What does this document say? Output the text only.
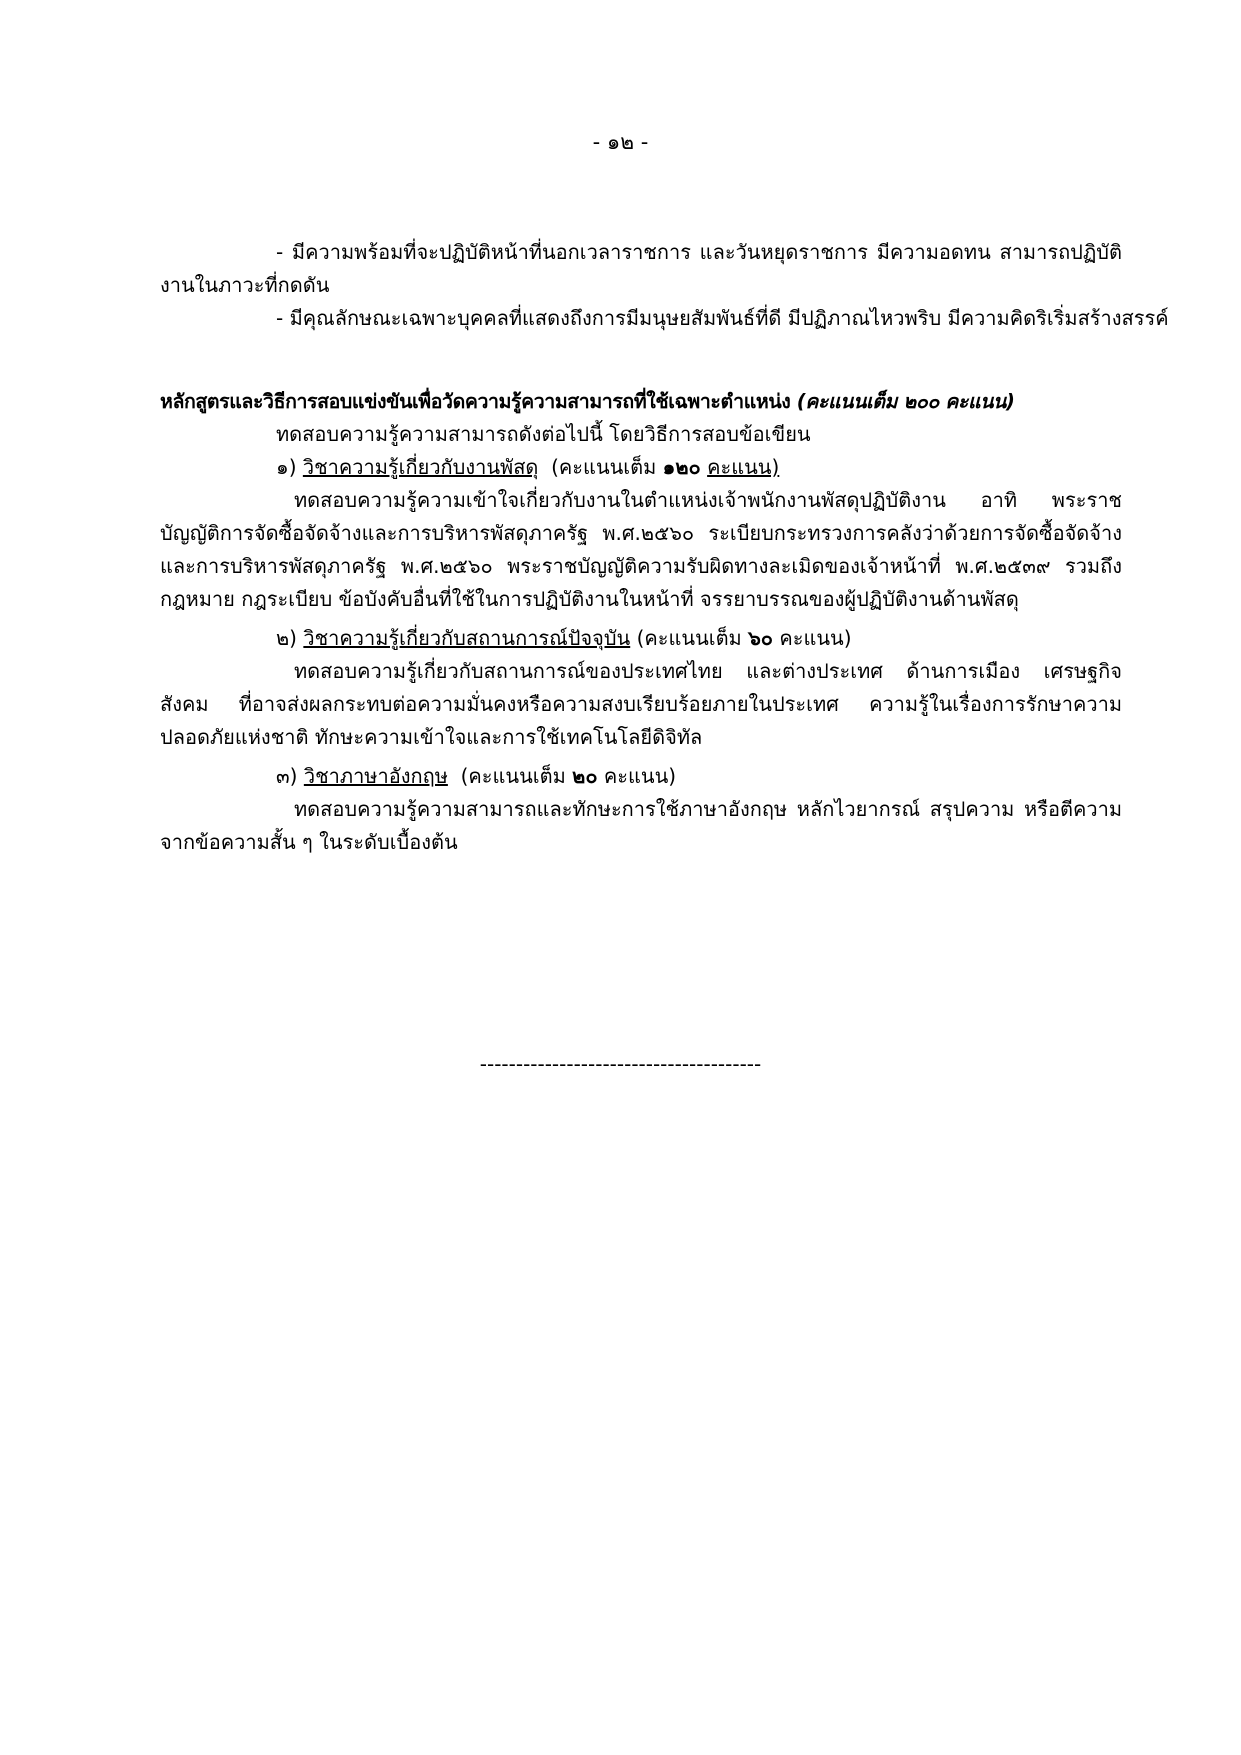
- ๑๒ -

- มีความพร้อมที่จะปฏิบัติหน้าที่นอกเวลาราชการ และวันหยุดราชการ มีความอดทน สามารถปฏิบัติงานในภาวะที่กดดัน

- มีคุณลักษณะเฉพาะบุคคลที่แสดงถึงการมีมนุษยสัมพันธ์ที่ดี มีปฏิภาณไหวพริบ มีความคิดริเริ่มสร้างสรรค์

หลักสูตรและวิธีการสอบแข่งขันเพื่อวัดความรู้ความสามารถที่ใช้เฉพาะตำแหน่ง (คะแนนเต็ม ๒๐๐ คะแนน)

ทดสอบความรู้ความสามารถดังต่อไปนี้ โดยวิธีการสอบข้อเขียน

๑) วิชาความรู้เกี่ยวกับงานพัสดุ (คะแนนเต็ม ๑๒๐ คะแนน)

ทดสอบความรู้ความเข้าใจเกี่ยวกับงานในตำแหน่งเจ้าพนักงานพัสดุปฏิบัติงาน อาทิ พระราชบัญญัติการจัดซื้อจัดจ้างและการบริหารพัสดุภาครัฐ พ.ศ.๒๕๖๐ ระเบียบกระทรวงการคลังว่าด้วยการจัดซื้อจัดจ้างและการบริหารพัสดุภาครัฐ พ.ศ.๒๕๖๐ พระราชบัญญัติความรับผิดทางละเมิดของเจ้าหน้าที่ พ.ศ.๒๕๓๙ รวมถึงกฎหมาย กฎระเบียบ ข้อบังคับอื่นที่ใช้ในการปฏิบัติงานในหน้าที่ จรรยาบรรณของผู้ปฏิบัติงานด้านพัสดุ

๒) วิชาความรู้เกี่ยวกับสถานการณ์ปัจจุบัน (คะแนนเต็ม ๖๐ คะแนน)

ทดสอบความรู้เกี่ยวกับสถานการณ์ของประเทศไทย และต่างประเทศ ด้านการเมือง เศรษฐกิจ สังคม ที่อาจส่งผลกระทบต่อความมั่นคงหรือความสงบเรียบร้อยภายในประเทศ ความรู้ในเรื่องการรักษาความปลอดภัยแห่งชาติ ทักษะความเข้าใจและการใช้เทคโนโลยีดิจิทัล

๓) วิชาภาษาอังกฤษ (คะแนนเต็ม ๒๐ คะแนน)

ทดสอบความรู้ความสามารถและทักษะการใช้ภาษาอังกฤษ หลักไวยากรณ์ สรุปความ หรือตีความจากข้อความสั้น ๆ ในระดับเบื้องต้น

---------------------------------------
